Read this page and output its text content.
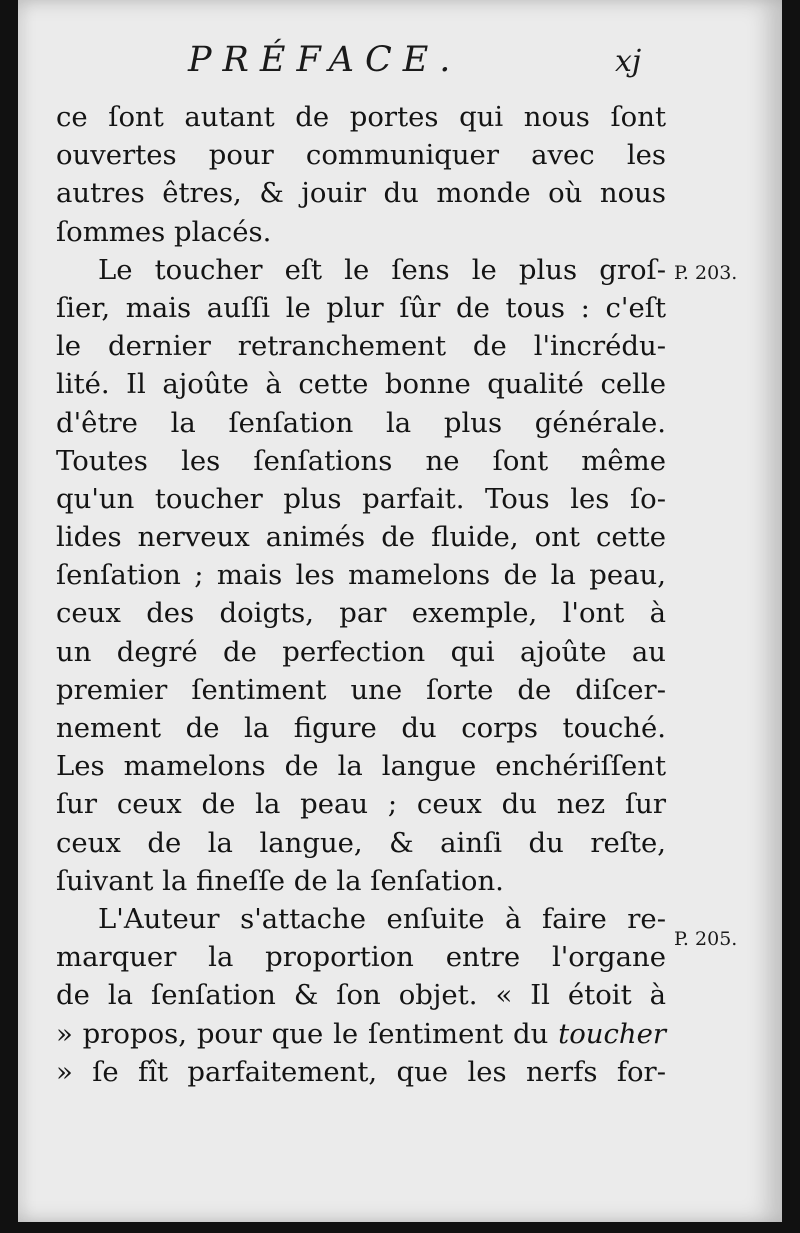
PRÉFACE.	xj
ce ſont autant de portes qui nous ſont
ouvertes pour communiquer avec les
autres êtres, & jouir du monde où nous
ſommes placés.
Le toucher eſt le ſens le plus groſ-
ſier, mais auſſi le plur ſûr de tous : c'eſt
le dernier retranchement de l'incrédu-
lité. Il ajoûte à cette bonne qualité celle
d'être la ſenſation la plus générale.
Toutes les ſenſations ne ſont même
qu'un toucher plus parfait. Tous les ſo-
lides nerveux animés de fluide, ont cette
ſenſation ; mais les mamelons de la peau,
ceux des doigts, par exemple, l'ont à
un degré de perfection qui ajoûte au
premier ſentiment une ſorte de diſcer-
nement de la figure du corps touché.
Les mamelons de la langue enchériſſent
ſur ceux de la peau ; ceux du nez ſur
ceux de la langue, & ainſi du reſte,
ſuivant la fineſſe de la ſenſation.
L'Auteur s'attache enſuite à faire re-
marquer la proportion entre l'organe
de la ſenſation & ſon objet. « Il étoit à
» propos, pour que le ſentiment du toucher
» ſe fît parfaitement, que les nerfs for-
P. 203.
P. 205.
